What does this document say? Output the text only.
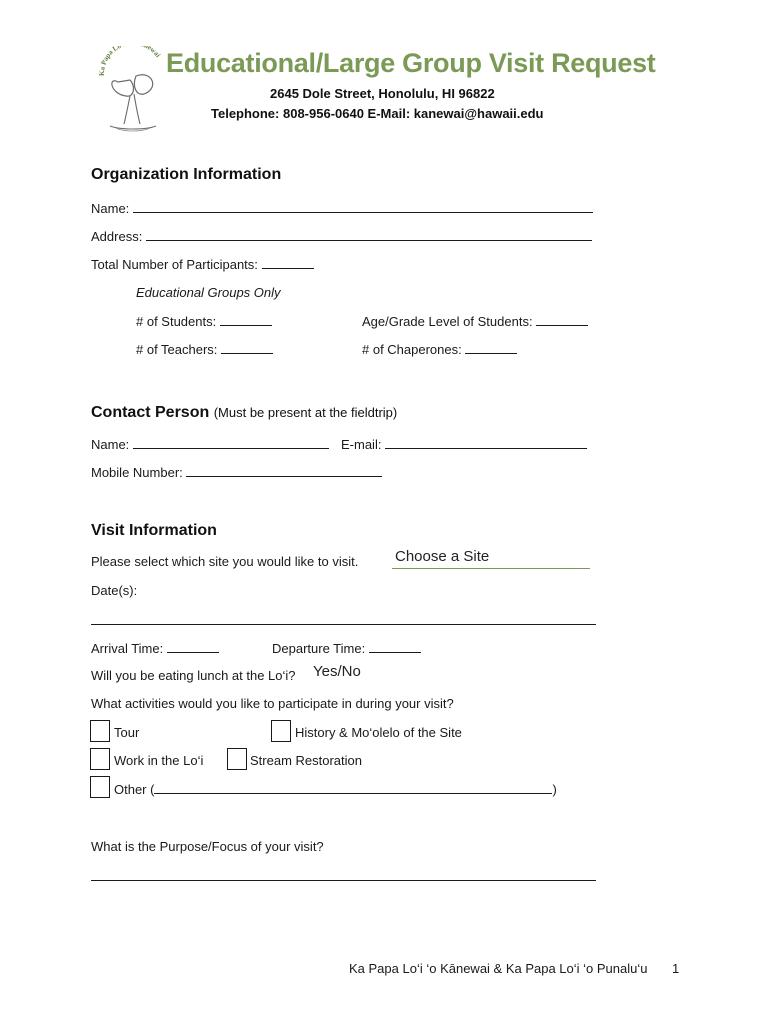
Ka Papa Lo ewai Educational/Large Group Visit Request
2645 Dole Street, Honolulu, HI 96822
Telephone: 808-956-0640 E-Mail: kanewai@hawaii.edu
Organization Information
Name:
Address:
Total Number of Participants:
Educational Groups Only
# of Students:	Age/Grade Level of Students:
# of Teachers:	# of Chaperones:
Contact Person (Must be present at the fieldtrip)
Name:	E-mail:
Mobile Number:
Visit Information
Please select which site you would like to visit. Choose a Site
Date(s):
Arrival Time:	Departure Time:
Will you be eating lunch at the Lo‘i? Yes/No
What activities would you like to participate in during your visit?
Tour	History & Mo‘olelo of the Site
Work in the Lo‘i	Stream Restoration
Other (	)
What is the Purpose/Focus of your visit?
Ka Papa Lo‘i ‘o Kānewai & Ka Papa Lo‘i ‘o Punalu‘u 1
